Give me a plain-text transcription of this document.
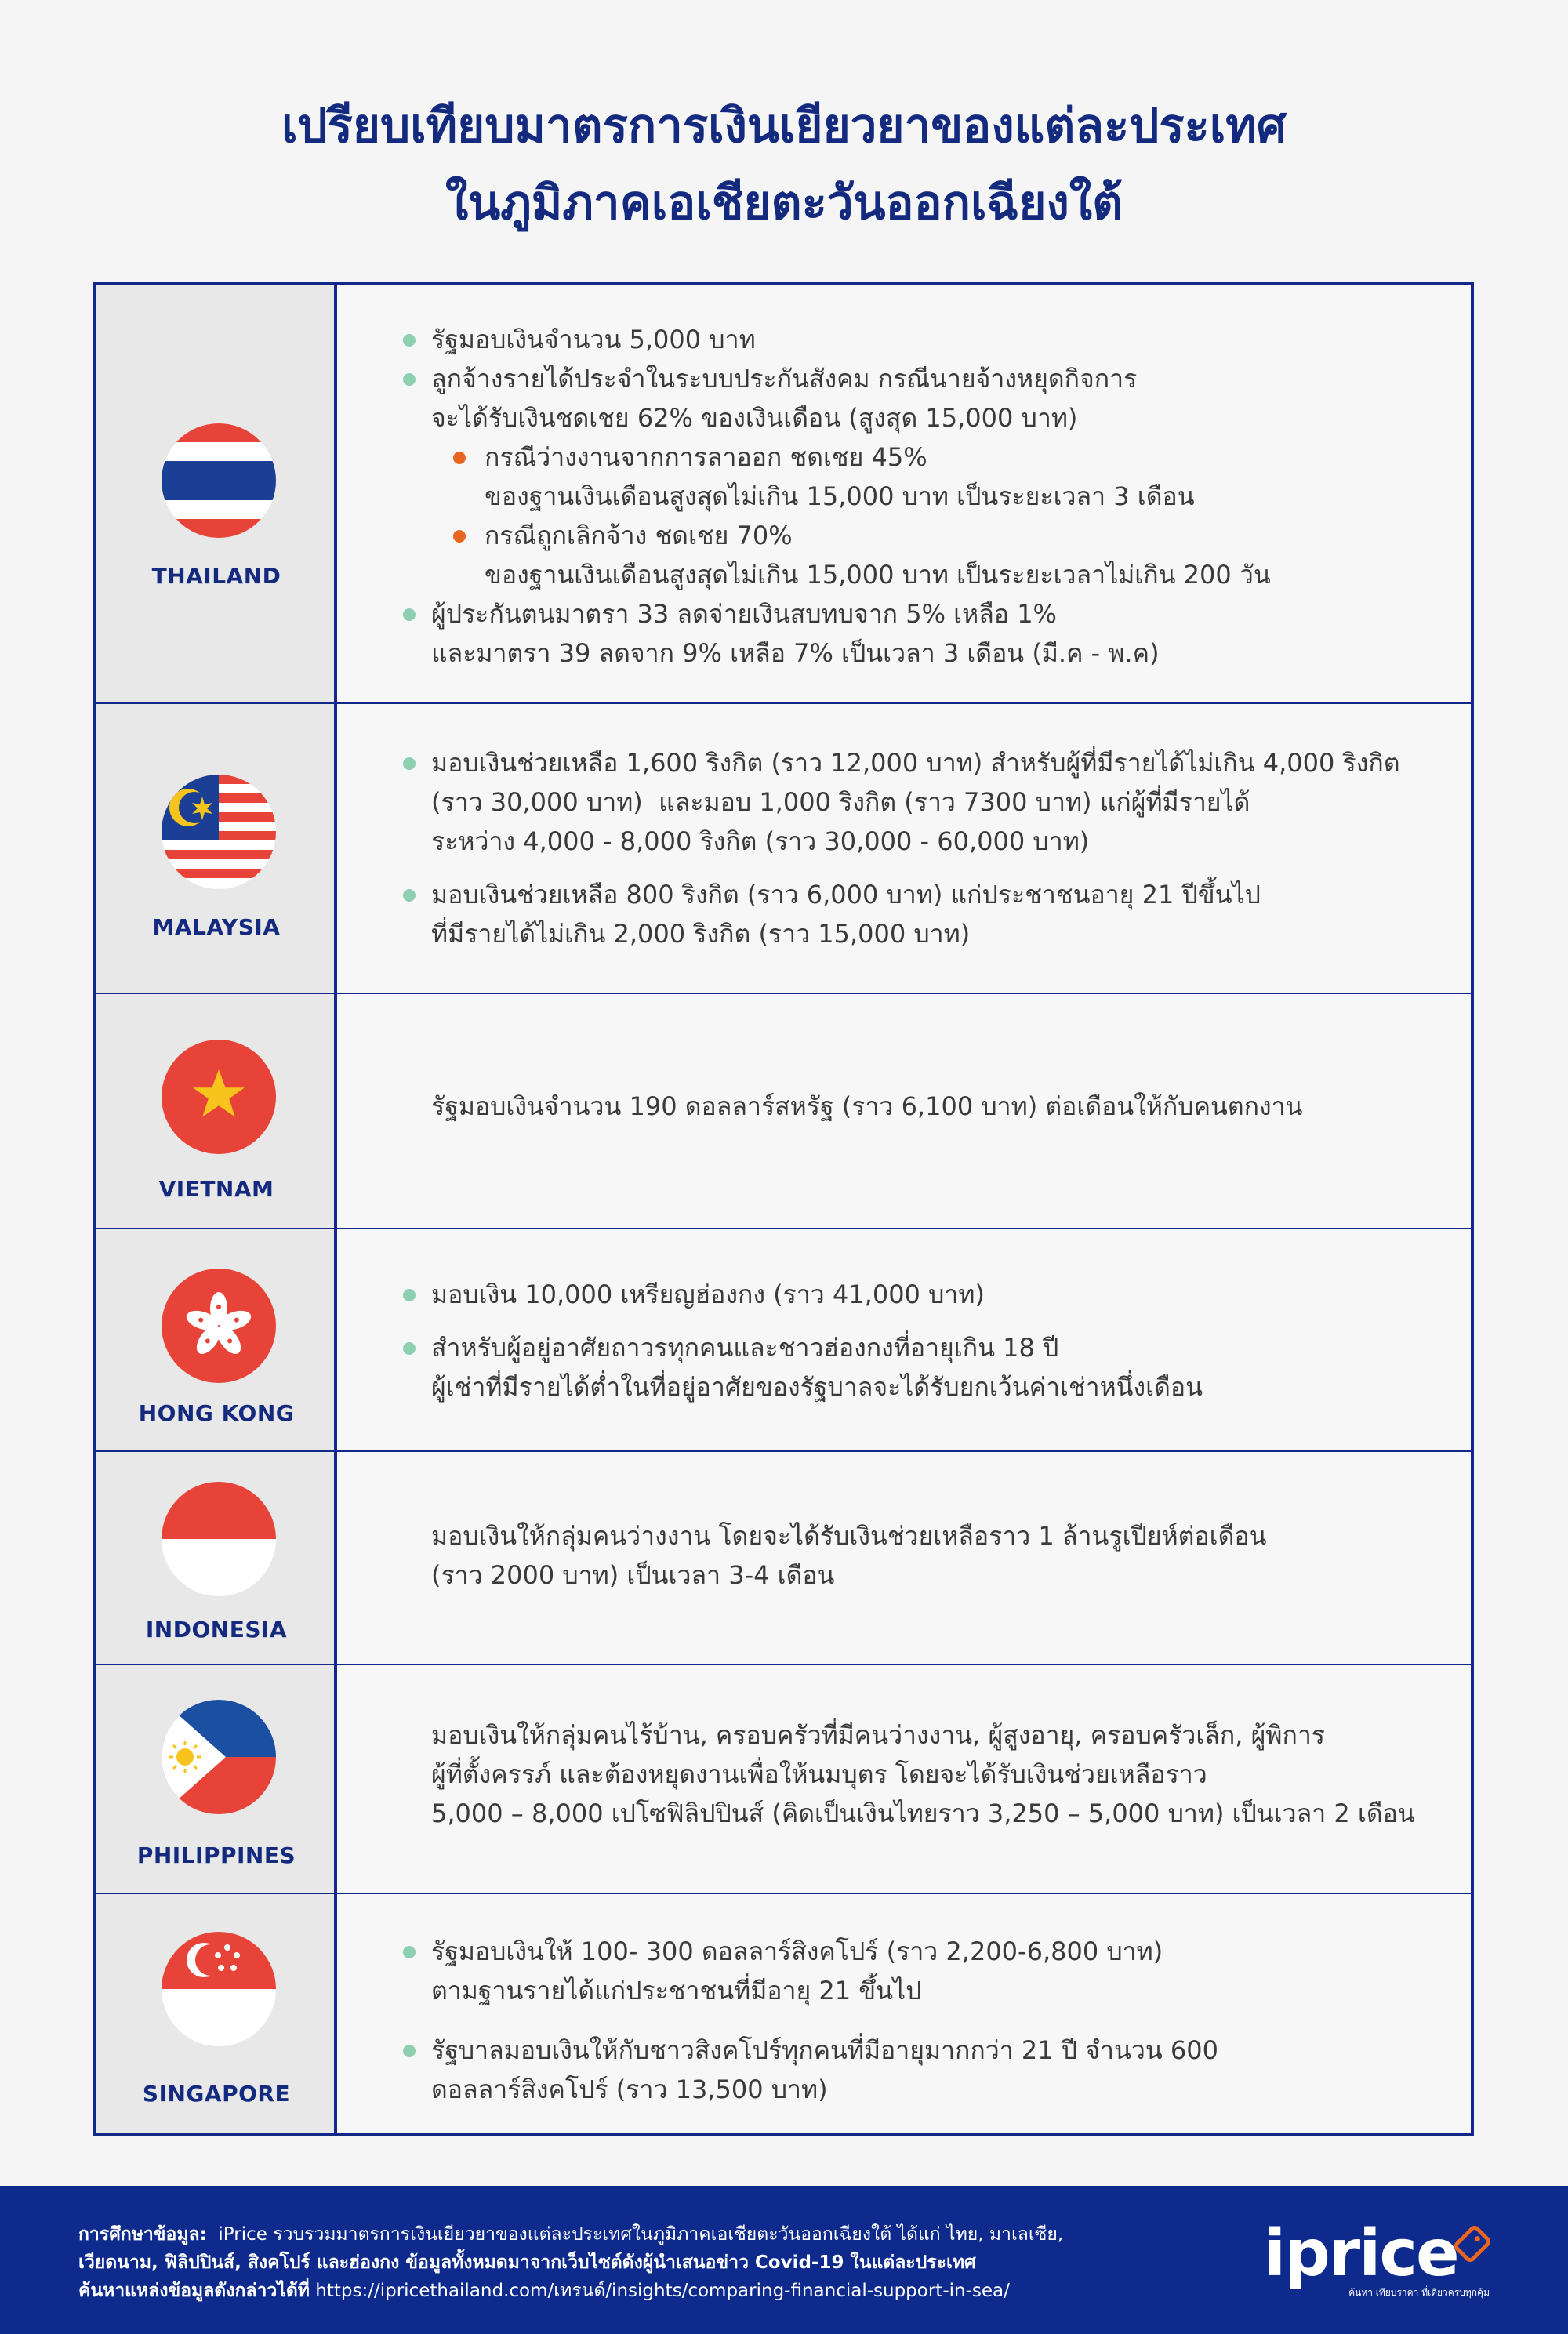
เปรียบเทียบมาตรการเงินเยียวยาของแต่ละประเทศ

ในภูมิภาคเอเชียตะวันออกเฉียงใต้

THAILAND
รัฐมอบเงินจำนวน 5,000 บาท
ลูกจ้างรายได้ประจำในระบบประกันสังคม กรณีนายจ้างหยุดกิจการ
จะได้รับเงินชดเชย 62% ของเงินเดือน (สูงสุด 15,000 บาท)
กรณีว่างงานจากการลาออก ชดเชย 45%
ของฐานเงินเดือนสูงสุดไม่เกิน 15,000 บาท เป็นระยะเวลา 3 เดือน
กรณีถูกเลิกจ้าง ชดเชย 70%
ของฐานเงินเดือนสูงสุดไม่เกิน 15,000 บาท เป็นระยะเวลาไม่เกิน 200 วัน
ผู้ประกันตนมาตรา 33 ลดจ่ายเงินสบทบจาก 5% เหลือ 1%
และมาตรา 39 ลดจาก 9% เหลือ 7% เป็นเวลา 3 เดือน (มี.ค - พ.ค)
MALAYSIA
มอบเงินช่วยเหลือ 1,600 ริงกิต (ราว 12,000 บาท) สำหรับผู้ที่มีรายได้ไม่เกิน 4,000 ริงกิต
(ราว 30,000 บาท)  และมอบ 1,000 ริงกิต (ราว 7300 บาท) แก่ผู้ที่มีรายได้
ระหว่าง 4,000 - 8,000 ริงกิต (ราว 30,000 - 60,000 บาท)
มอบเงินช่วยเหลือ 800 ริงกิต (ราว 6,000 บาท) แก่ประชาชนอายุ 21 ปีขึ้นไป
ที่มีรายได้ไม่เกิน 2,000 ริงกิต (ราว 15,000 บาท)
VIETNAM
รัฐมอบเงินจำนวน 190 ดอลลาร์สหรัฐ (ราว 6,100 บาท) ต่อเดือนให้กับคนตกงาน
HONG KONG
มอบเงิน 10,000 เหรียญฮ่องกง (ราว 41,000 บาท)
สำหรับผู้อยู่อาศัยถาวรทุกคนและชาวฮ่องกงที่อายุเกิน 18 ปี
ผู้เช่าที่มีรายได้ต่ำในที่อยู่อาศัยของรัฐบาลจะได้รับยกเว้นค่าเช่าหนึ่งเดือน
INDONESIA
มอบเงินให้กลุ่มคนว่างงาน โดยจะได้รับเงินช่วยเหลือราว 1 ล้านรูเปียห์ต่อเดือน
(ราว 2000 บาท) เป็นเวลา 3-4 เดือน
PHILIPPINES
มอบเงินให้กลุ่มคนไร้บ้าน, ครอบครัวที่มีคนว่างงาน, ผู้สูงอายุ, ครอบครัวเล็ก, ผู้พิการ
ผู้ที่ตั้งครรภ์ และต้องหยุดงานเพื่อให้นมบุตร โดยจะได้รับเงินช่วยเหลือราว
5,000 – 8,000 เปโซฟิลิปปินส์ (คิดเป็นเงินไทยราว 3,250 – 5,000 บาท) เป็นเวลา 2 เดือน
SINGAPORE
รัฐมอบเงินให้ 100- 300 ดอลลาร์สิงคโปร์ (ราว 2,200-6,800 บาท)
ตามฐานรายได้แก่ประชาชนที่มีอายุ 21 ขึ้นไป
รัฐบาลมอบเงินให้กับชาวสิงคโปร์ทุกคนที่มีอายุมากกว่า 21 ปี จำนวน 600
ดอลลาร์สิงคโปร์ (ราว 13,500 บาท)
การศึกษาข้อมูล:  iPrice รวบรวมมาตรการเงินเยียวยาของแต่ละประเทศในภูมิภาคเอเชียตะวันออกเฉียงใต้ ได้แก่ ไทย, มาเลเซีย,
เวียดนาม, ฟิลิปปินส์, สิงคโปร์ และฮ่องกง ข้อมูลทั้งหมดมาจากเว็บไซต์ดังผู้นำเสนอข่าว Covid-19 ในแต่ละประเทศ
ค้นหาแหล่งข้อมูลดังกล่าวได้ที่ https://ipricethailand.com/เทรนด์/insights/comparing-financial-support-in-sea/	iprice
ค้นหา เทียบราคา ที่เดียวครบทุกคุ้ม
